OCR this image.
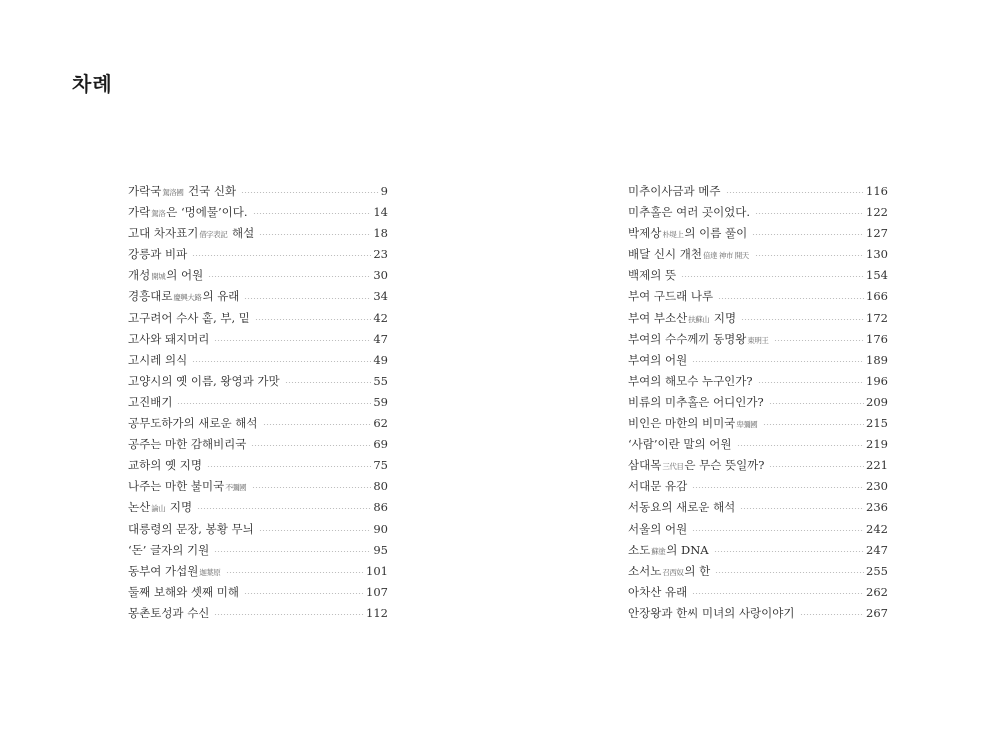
차례
가락국駕洛國 건국 신화	9
가락駕洛은 ‘멍에물’이다.	14
고대 차자표기借字表記 해설	18
강릉과 비파	23
개성開城의 어원	30
경흥대로慶興大路의 유래	34
고구려어 수사 홑, 부, 밑	42
고사와 돼지머리	47
고시레 의식	49
고양시의 옛 이름, 왕영과 가맛	55
고진배기	59
공무도하가의 새로운 해석	62
공주는 마한 감해비리국	69
교하의 옛 지명	75
나주는 마한 불미국不彌國	80
논산論山 지명	86
대릉령의 문장, 봉황 무늬	90
‘돈’ 글자의 기원	95
동부여 가섭원迦葉原	101
둘째 보해와 셋째 미해	107
몽촌토성과 수신	112
미추이사금과 메주	116
미추홀은 여러 곳이었다.	122
박제상朴堤上의 이름 풀이	127
배달 신시 개천倍達 神市 開天	130
백제의 뜻	154
부여 구드래 나루	166
부여 부소산扶蘇山 지명	172
부여의 수수께끼 동명왕東明王	176
부여의 어원	189
부여의 해모수 누구인가?	196
비류의 미추홀은 어디인가?	209
비인은 마한의 비미국卑彌國	215
‘사람’이란 말의 어원	219
삼대목三代目은 무슨 뜻일까?	221
서대문 유감	230
서동요의 새로운 해석	236
서울의 어원	242
소도蘇塗의 DNA	247
소서노召西奴의 한	255
아차산 유래	262
안장왕과 한씨 미녀의 사랑이야기	267
